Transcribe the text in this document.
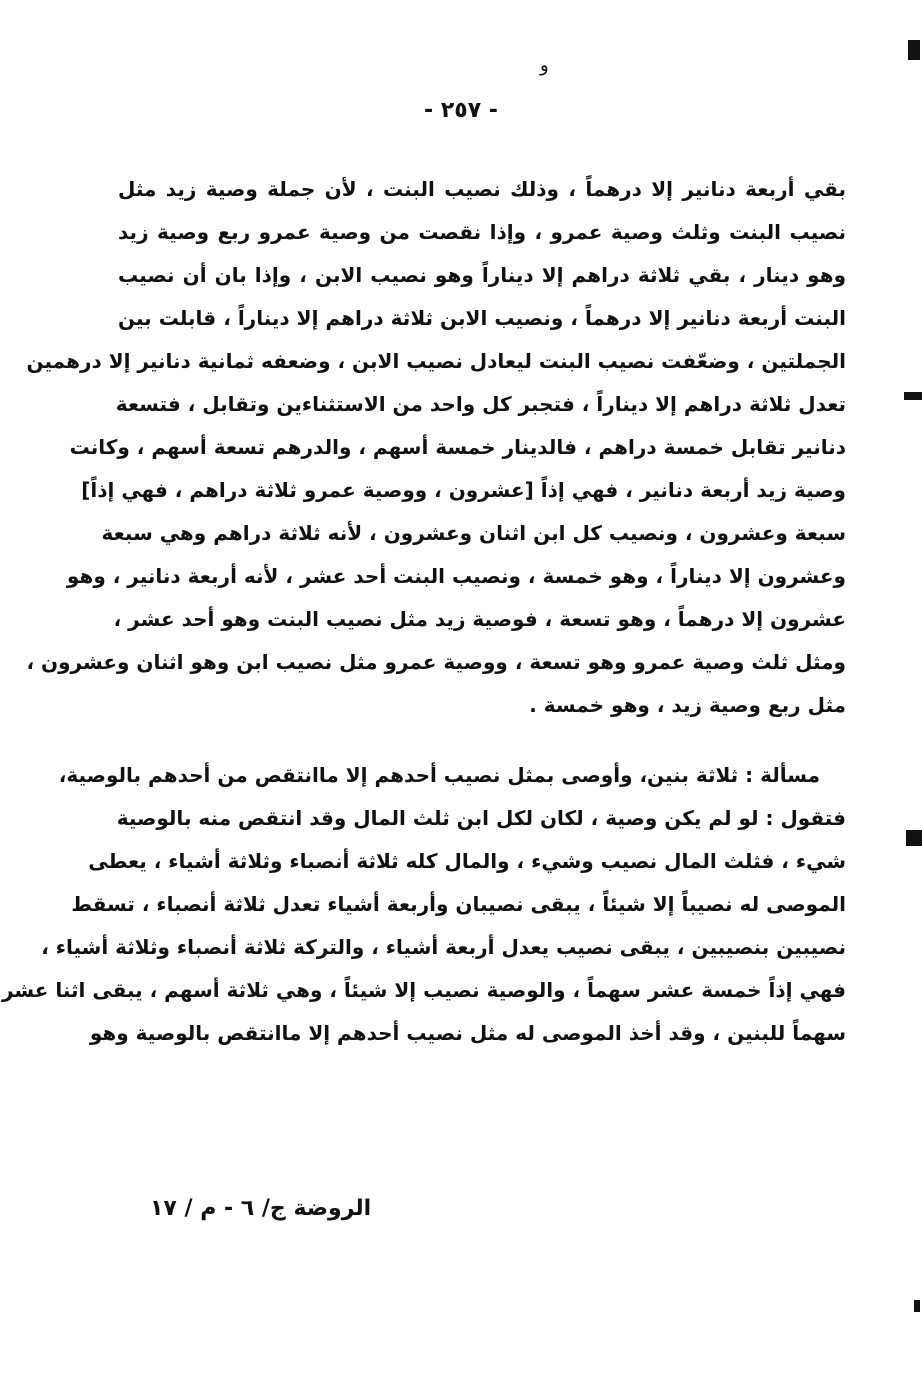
ﻭ
- ٢٥٧ -
بقي أربعة دنانير إلا درهماً ، وذلك نصيب البنت ، لأن جملة وصية زيد مثل
نصيب البنت وثلث وصية عمرو ، وإذا نقصت من وصية عمرو ربع وصية زيد
وهو دينار ، بقي ثلاثة دراهم إلا ديناراً وهو نصيب الابن ، وإذا بان أن نصيب
البنت أربعة دنانير إلا درهماً ، ونصيب الابن ثلاثة دراهم إلا ديناراً ، قابلت بين
الجملتين ، وضعّفت نصيب البنت ليعادل نصيب الابن ، وضعفه ثمانية دنانير إلا درهمين
تعدل ثلاثة دراهم إلا ديناراً ، فتجبر كل واحد من الاستثناءين وتقابل ، فتسعة
دنانير تقابل خمسة دراهم ، فالدينار خمسة أسهم ، والدرهم تسعة أسهم ، وكانت
وصية زيد أربعة دنانير ، فهي إذاً [عشرون ، ووصية عمرو ثلاثة دراهم ، فهي إذاً]
سبعة وعشرون ، ونصيب كل ابن اثنان وعشرون ، لأنه ثلاثة دراهم وهي سبعة
وعشرون إلا ديناراً ، وهو خمسة ، ونصيب البنت أحد عشر ، لأنه أربعة دنانير ، وهو
عشرون إلا درهماً ، وهو تسعة ، فوصية زيد مثل نصيب البنت وهو أحد عشر ،
ومثل ثلث وصية عمرو وهو تسعة ، ووصية عمرو مثل نصيب ابن وهو اثنان وعشرون ،
مثل ربع وصية زيد ، وهو خمسة .
مسألة : ثلاثة بنين، وأوصى بمثل نصيب أحدهم إلا ماانتقص من أحدهم بالوصية،
فتقول : لو لم يكن وصية ، لكان لكل ابن ثلث المال وقد انتقص منه بالوصية
شيء ، فثلث المال نصيب وشيء ، والمال كله ثلاثة أنصباء وثلاثة أشياء ، يعطى
الموصى له نصيباً إلا شيئاً ، يبقى نصيبان وأربعة أشياء تعدل ثلاثة أنصباء ، تسقط
نصيبين بنصيبين ، يبقى نصيب يعدل أربعة أشياء ، والتركة ثلاثة أنصباء وثلاثة أشياء ،
فهي إذاً خمسة عشر سهماً ، والوصية نصيب إلا شيئاً ، وهي ثلاثة أسهم ، يبقى اثنا عشر
سهماً للبنين ، وقد أخذ الموصى له مثل نصيب أحدهم إلا ماانتقص بالوصية وهو
الروضة ج/ ٦ - م / ١٧
